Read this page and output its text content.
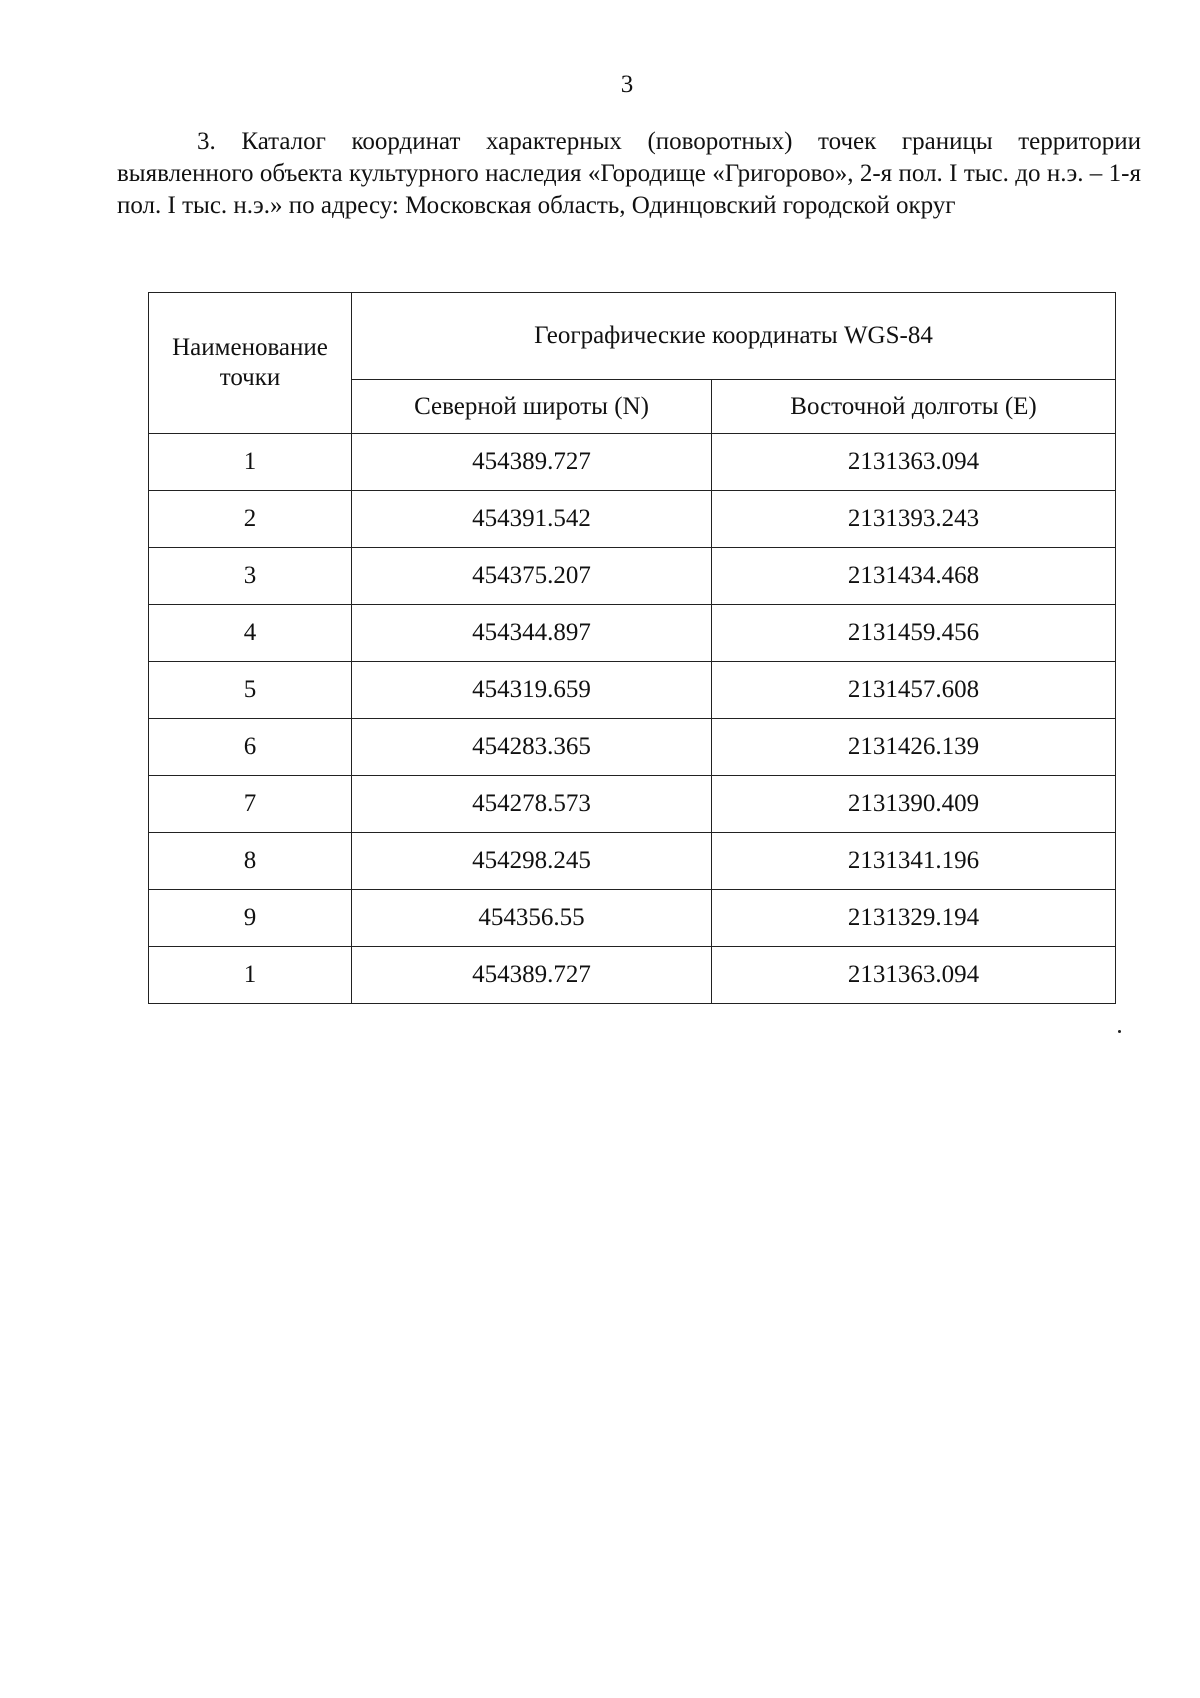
3

3. Каталог координат характерных (поворотных) точек границы территории выявленного объекта культурного наследия «Городище «Григорово», 2-я пол. I тыс. до н.э. – 1-я пол. I тыс. н.э.» по адресу: Московская область, Одинцовский городской округ

Наименование точки	Географические координаты WGS-84	
	Северной широты (N)	Восточной долготы (E)
1	454389.727	2131363.094
2	454391.542	2131393.243
3	454375.207	2131434.468
4	454344.897	2131459.456
5	454319.659	2131457.608
6	454283.365	2131426.139
7	454278.573	2131390.409
8	454298.245	2131341.196
9	454356.55	2131329.194
1	454389.727	2131363.094
